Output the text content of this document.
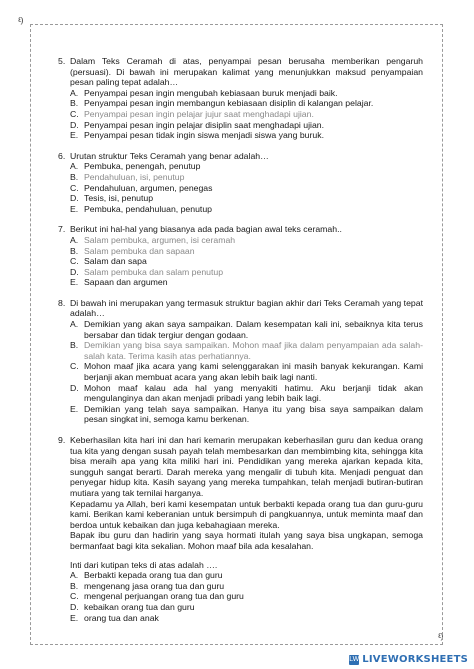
ᦏ
ᦏ
5. Dalam Teks Ceramah di atas, penyampai pesan berusaha memberikan pengaruh (persuasi). Di bawah ini merupakan kalimat yang menunjukkan maksud penyampaian pesan paling tepat adalah…
A. Penyampai pesan ingin mengubah kebiasaan buruk menjadi baik.
B. Penyampai pesan ingin membangun kebiasaan disiplin di kalangan pelajar.
C. Penyampai pesan ingin pelajar jujur saat menghadapi ujian.
D. Penyampai pesan ingin pelajar disiplin saat menghadapi ujian.
E. Penyampai pesan tidak ingin siswa menjadi siswa yang buruk.
6. Urutan struktur Teks Ceramah yang benar adalah…
A. Pembuka, penengah, penutup
B. Pendahuluan, isi, penutup
C. Pendahuluan, argumen, penegas
D. Tesis, isi, penutup
E. Pembuka, pendahuluan, penutup
7. Berikut ini hal-hal yang biasanya ada pada bagian awal teks ceramah..
A. Salam pembuka, argumen, isi ceramah
B. Salam pembuka dan sapaan
C. Salam dan sapa
D. Salam pembuka dan salam penutup
E. Sapaan dan argumen
8. Di bawah ini merupakan yang termasuk struktur bagian akhir dari Teks Ceramah yang tepat adalah…
A. Demikian yang akan saya sampaikan. Dalam kesempatan kali ini, sebaiknya kita terus bersabar dan tidak tergiur dengan godaan.
B. Demikian yang bisa saya sampaikan. Mohon maaf jika dalam penyampaian ada salah-salah kata. Terima kasih atas perhatiannya.
C. Mohon maaf jika acara yang kami selenggarakan ini masih banyak kekurangan. Kami berjanji akan membuat acara yang akan lebih baik lagi nanti.
D. Mohon maaf kalau ada hal yang menyakiti hatimu. Aku berjanji tidak akan mengulanginya dan akan menjadi pribadi yang lebih baik lagi.
E. Demikian yang telah saya sampaikan. Hanya itu yang bisa saya sampaikan dalam pesan singkat ini, semoga kamu berkenan.
9. Keberhasilan kita hari ini dan hari kemarin merupakan keberhasilan guru dan kedua orang tua kita yang dengan susah payah telah membesarkan dan membimbing kita, sehingga kita bisa meraih apa yang kita miliki hari ini. Pendidikan yang mereka ajarkan kepada kita, sungguh sangat berarti. Darah mereka yang mengalir di tubuh kita. Menjadi penguat dan penyegar hidup kita. Kasih sayang yang mereka tumpahkan, telah menjadi butiran-butiran mutiara yang tak ternilai harganya.
Kepadamu ya Allah, beri kami kesempatan untuk berbakti kepada orang tua dan guru-guru kami. Berikan kami keberanian untuk bersimpuh di pangkuannya, untuk meminta maaf dan berdoa untuk kebaikan dan juga kebahagiaan mereka.
Bapak ibu guru dan hadirin yang saya hormati itulah yang saya bisa ungkapan, semoga bermanfaat bagi kita sekalian. Mohon maaf bila ada kesalahan.
Inti dari kutipan teks di atas adalah ….
A. Berbakti kepada orang tua dan guru
B. mengenang jasa orang tua dan guru
C. mengenal perjuangan orang tua dan guru
D. kebaikan orang tua dan guru
E. orang tua dan anak
LW LIVEWORKSHEETS
